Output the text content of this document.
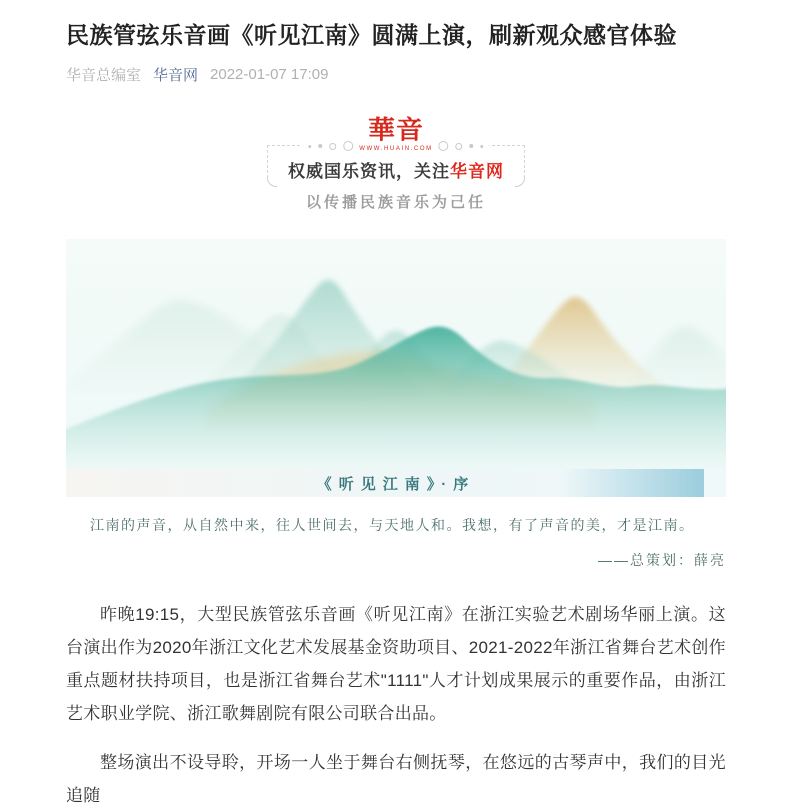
民族管弦乐音画《听见江南》圆满上演，刷新观众感官体验
华音总编室 华音网 2022-01-07 17:09
華音
WWW.HUAIN.COM
权威国乐资讯，关注华音网
以传播民族音乐为己任
《听见江南》·序
江南的声音，从自然中来，往人世间去，与天地人和。我想，有了声音的美，才是江南。
——总策划：薛亮

昨晚19:15，大型民族管弦乐音画《听见江南》在浙江实验艺术剧场华丽上演。这台演出作为2020年浙江文化艺术发展基金资助项目、2021-2022年浙江省舞台艺术创作重点题材扶持项目，也是浙江省舞台艺术"1111"人才计划成果展示的重要作品，由浙江艺术职业学院、浙江歌舞剧院有限公司联合出品。

整场演出不设导聆，开场一人坐于舞台右侧抚琴，在悠远的古琴声中，我们的目光追随
